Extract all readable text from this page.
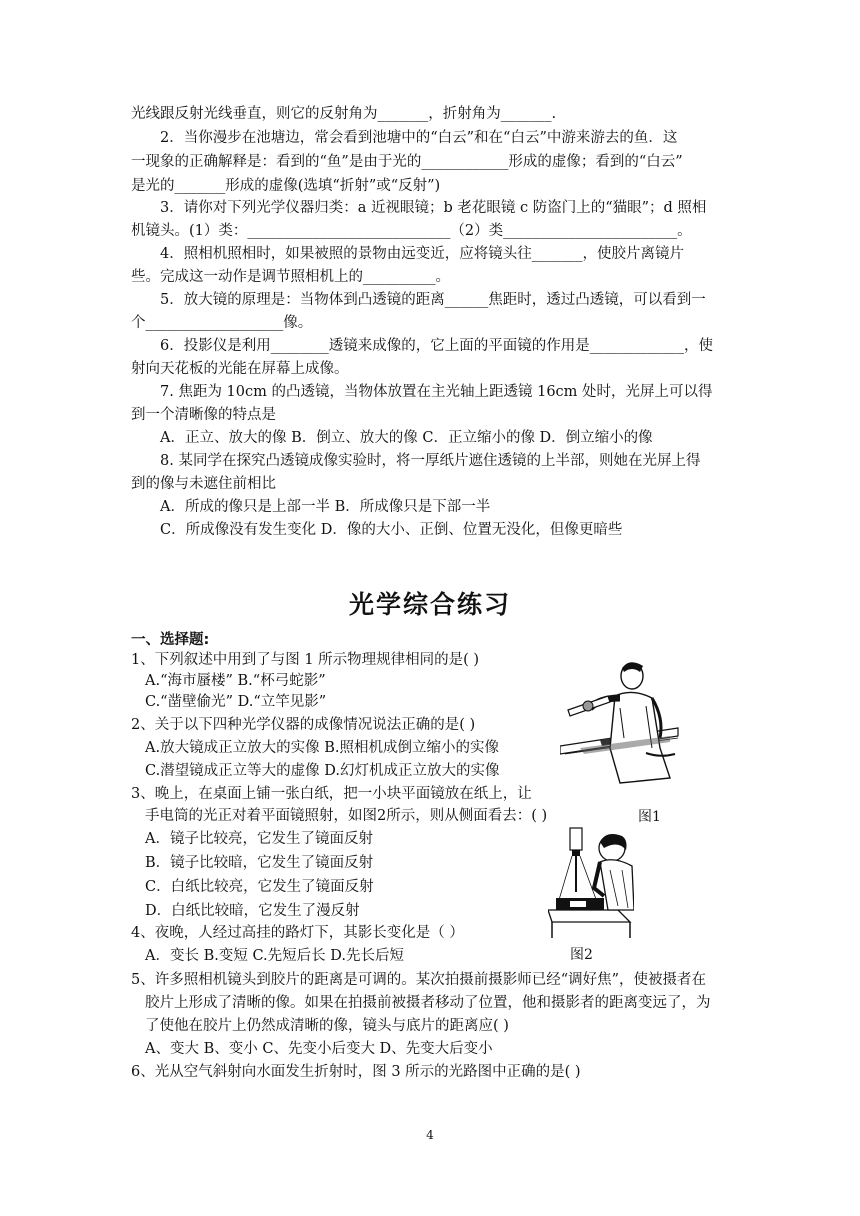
光线跟反射光线垂直，则它的反射角为_______，折射角为_______.
2．当你漫步在池塘边，常会看到池塘中的“白云”和在“白云”中游来游去的鱼．这
一现象的正确解释是：看到的“鱼”是由于光的____________形成的虚像；看到的“白云”
是光的_______形成的虚像(选填“折射”或“反射”)
3．请你对下列光学仪器归类：a 近视眼镜；b 老花眼镜 c 防盗门上的“猫眼”；d 照相
机镜头。(1）类：____________________________（2）类________________________。
4．照相机照相时，如果被照的景物由远变近，应将镜头往_______，使胶片离镜片
些。完成这一动作是调节照相机上的__________。
5．放大镜的原理是：当物体到凸透镜的距离______焦距时，透过凸透镜，可以看到一
个___________________像。
6．投影仪是利用________透镜来成像的，它上面的平面镜的作用是_____________，使
射向天花板的光能在屏幕上成像。
7. 焦距为 10cm 的凸透镜，当物体放置在主光轴上距透镜 16cm 处时，光屏上可以得
到一个清晰像的特点是
A．正立、放大的像 B．倒立、放大的像 C．正立缩小的像 D．倒立缩小的像
8. 某同学在探究凸透镜成像实验时，将一厚纸片遮住透镜的上半部，则她在光屏上得
到的像与未遮住前相比
A．所成的像只是上部一半 B．所成像只是下部一半
C．所成像没有发生变化 D．像的大小、正倒、位置无没化，但像更暗些
光学综合练习
一、选择题:
1、下列叙述中用到了与图 1 所示物理规律相同的是( )
A.“海市蜃楼” B.“杯弓蛇影”
C.“凿壁偷光” D.“立竿见影”
2、关于以下四种光学仪器的成像情况说法正确的是( )
A.放大镜成正立放大的实像 B.照相机成倒立缩小的实像
C.潜望镜成正立等大的虚像 D.幻灯机成正立放大的实像
3、晚上，在桌面上铺一张白纸，把一小块平面镜放在纸上，让
手电筒的光正对着平面镜照射，如图2所示，则从侧面看去：( )
A．镜子比较亮，它发生了镜面反射
B．镜子比较暗，它发生了镜面反射
C．白纸比较亮，它发生了镜面反射
D．白纸比较暗，它发生了漫反射
4、夜晚，人经过高挂的路灯下，其影长变化是（ ）
A．变长 B.变短 C.先短后长 D.先长后短
5、许多照相机镜头到胶片的距离是可调的。某次拍摄前摄影师已经“调好焦”，使被摄者在
胶片上形成了清晰的像。如果在拍摄前被摄者移动了位置，他和摄影者的距离变远了，为
了使他在胶片上仍然成清晰的像，镜头与底片的距离应( )
A、变大 B、变小 C、先变小后变大 D、先变大后变小
6、光从空气斜射向水面发生折射时，图 3 所示的光路图中正确的是( )
图1
图2
4
